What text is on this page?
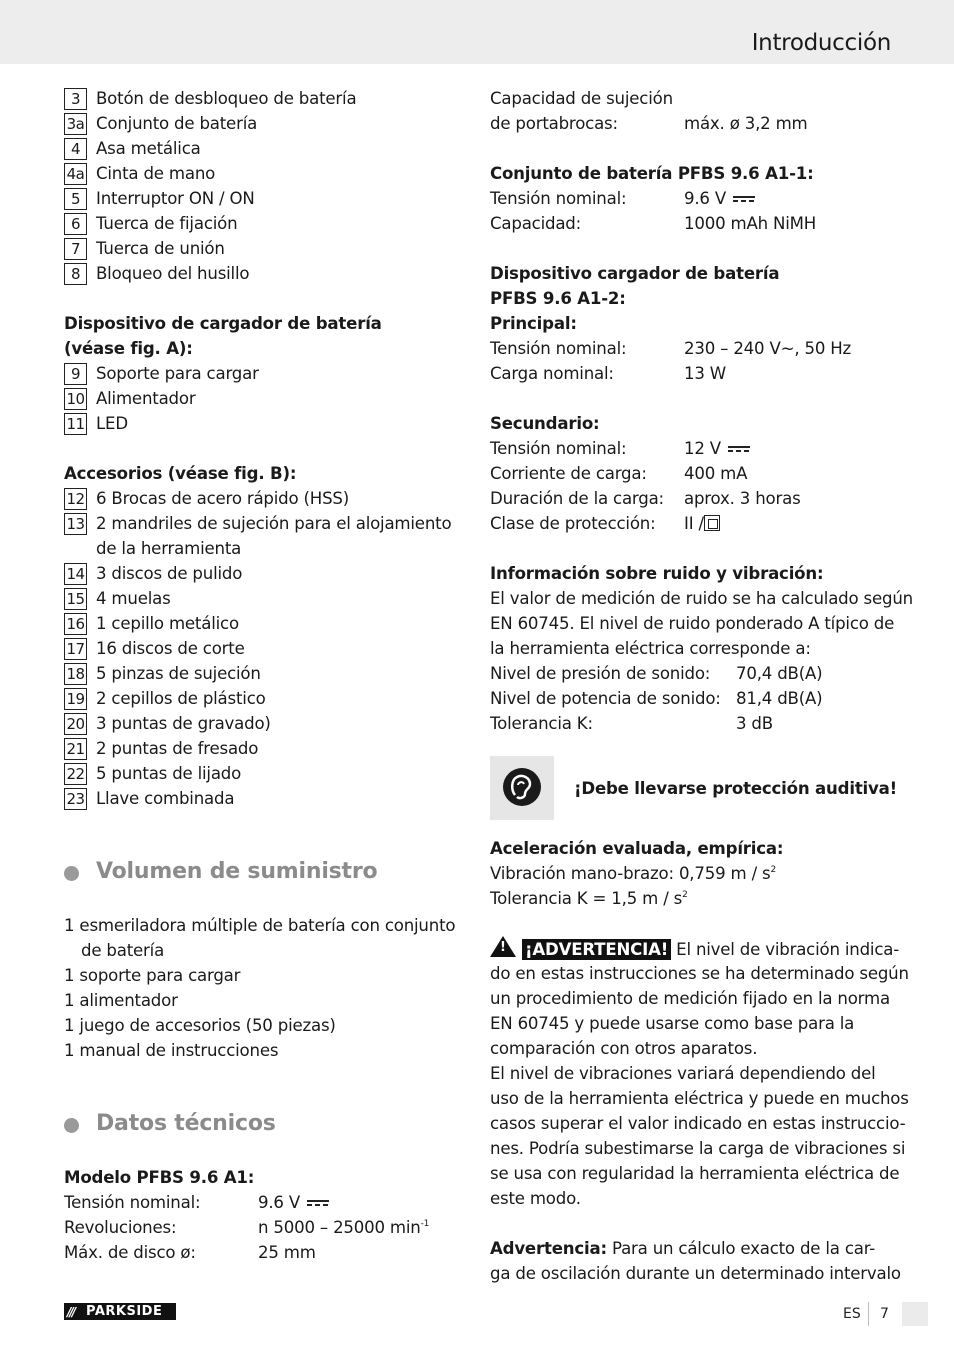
Introducción
3 Botón de desbloqueo de batería
3a Conjunto de batería
4 Asa metálica
4a Cinta de mano
5 Interruptor ON / ON
6 Tuerca de fijación
7 Tuerca de unión
8 Bloqueo del husillo
Dispositivo de cargador de batería
(véase fig. A):
9 Soporte para cargar
10 Alimentador
11 LED
Accesorios (véase fig. B):
12 6 Brocas de acero rápido (HSS)
13 2 mandriles de sujeción para el alojamiento
de la herramienta
14 3 discos de pulido
15 4 muelas
16 1 cepillo metálico
17 16 discos de corte
18 5 pinzas de sujeción
19 2 cepillos de plástico
20 3 puntas de gravado)
21 2 puntas de fresado
22 5 puntas de lijado
23 Llave combinada
Volumen de suministro
1 esmeriladora múltiple de batería con conjunto
de batería
1 soporte para cargar
1 alimentador
1 juego de accesorios (50 piezas)
1 manual de instrucciones
Datos técnicos
Modelo PFBS 9.6 A1:
Tensión nominal:	9.6 V
Revoluciones:	n 5000 – 25000 $\min^{-1}$
Máx. de disco ø:	25 mm
Capacidad de sujeción
de portabrocas:	máx. ø 3,2 mm
Conjunto de batería PFBS 9.6 A1-1:
Tensión nominal:	9.6 V
Capacidad:	1000 mAh NiMH
Dispositivo cargador de batería
PFBS 9.6 A1-2:
Principal:
Tensión nominal:	230 – 240 V~, 50 Hz
Carga nominal:	13 W
Secundario:
Tensión nominal:	12 V
Corriente de carga: 400 mA
Duración de la carga: aprox. 3 horas
Clase de protección: II /
Información sobre ruido y vibración:
El valor de medición de ruido se ha calculado según
EN 60745. El nivel de ruido ponderado A típico de
la herramienta eléctrica corresponde a:
Nivel de presión de sonido: 70,4 dB(A)
Nivel de potencia de sonido: 81,4 dB(A)
Tolerancia K:	3 dB
¡Debe llevarse protección auditiva!
Aceleración evaluada, empírica:
Vibración mano-brazo: 0,759 m / $s^2$
Tolerancia K = 1,5 m / $s^2$
! ¡ADVERTENCIA! El nivel de vibración indica-
do en estas instrucciones se ha determinado según
un procedimiento de medición fijado en la norma
EN 60745 y puede usarse como base para la
comparación con otros aparatos.
El nivel de vibraciones variará dependiendo del
uso de la herramienta eléctrica y puede en muchos
casos superar el valor indicado en estas instruccio-
nes. Podría subestimarse la carga de vibraciones si
se usa con regularidad la herramienta eléctrica de
este modo.
Advertencia: Para un cálculo exacto de la car-
ga de oscilación durante un determinado intervalo
/// PARKSIDE	ES 7
